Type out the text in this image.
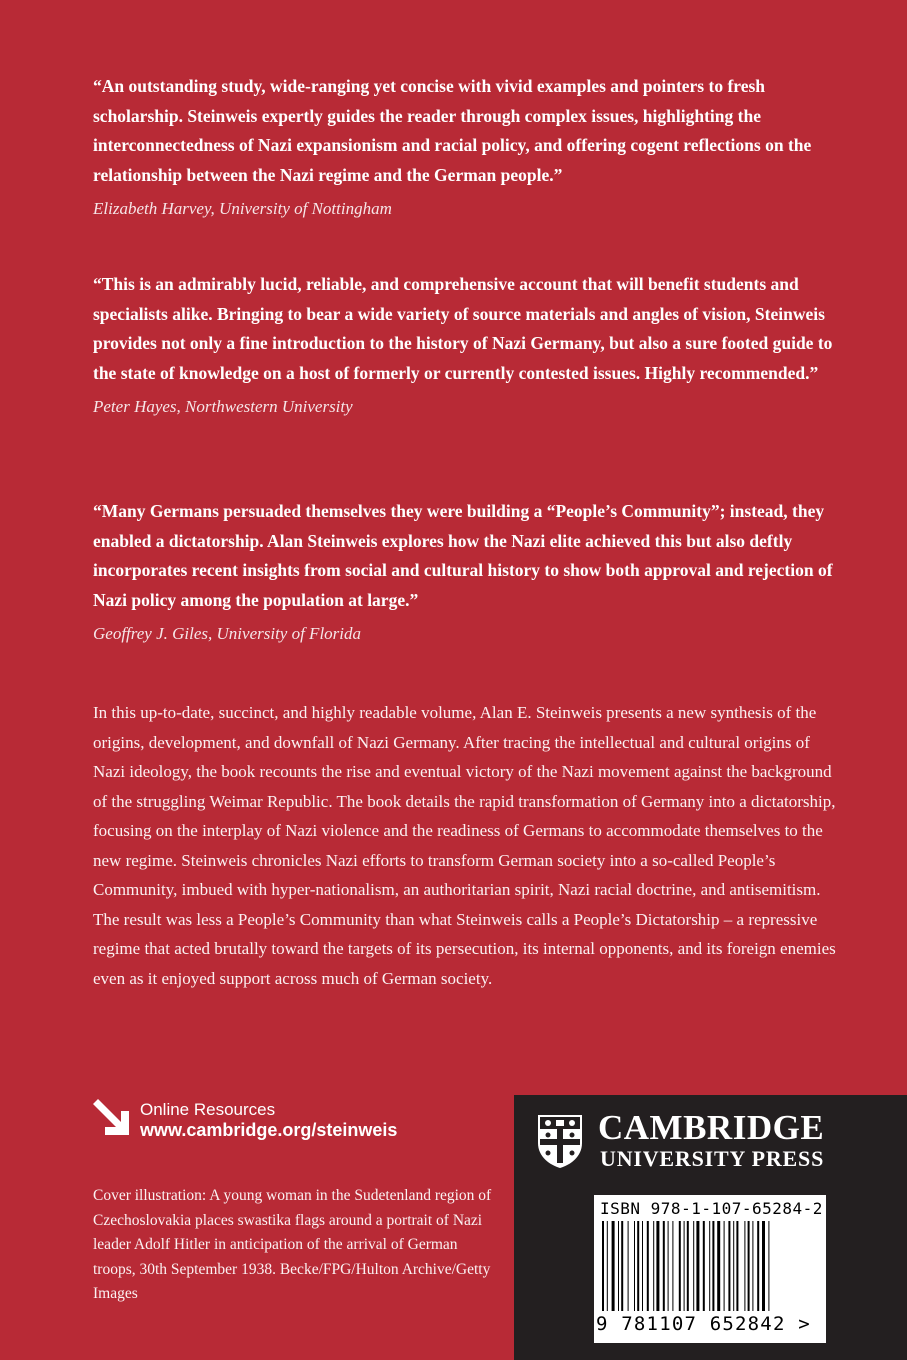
“An outstanding study, wide-ranging yet concise with vivid examples and pointers to fresh scholarship. Steinweis expertly guides the reader through complex issues, highlighting the interconnectedness of Nazi expansionism and racial policy, and offering cogent reflections on the relationship between the Nazi regime and the German people.”

Elizabeth Harvey, University of Nottingham

“This is an admirably lucid, reliable, and comprehensive account that will benefit students and specialists alike. Bringing to bear a wide variety of source materials and angles of vision, Steinweis provides not only a fine introduction to the history of Nazi Germany, but also a sure footed guide to the state of knowledge on a host of formerly or currently contested issues. Highly recommended.”

Peter Hayes, Northwestern University

“Many Germans persuaded themselves they were building a “People’s Community”; instead, they enabled a dictatorship. Alan Steinweis explores how the Nazi elite achieved this but also deftly incorporates recent insights from social and cultural history to show both approval and rejection of Nazi policy among the population at large.”

Geoffrey J. Giles, University of Florida

In this up-to-date, succinct, and highly readable volume, Alan E. Steinweis presents a new synthesis of the origins, development, and downfall of Nazi Germany. After tracing the intellectual and cultural origins of Nazi ideology, the book recounts the rise and eventual victory of the Nazi movement against the background of the struggling Weimar Republic. The book details the rapid transformation of Germany into a dictatorship, focusing on the interplay of Nazi violence and the readiness of Germans to accommodate themselves to the new regime. Steinweis chronicles Nazi efforts to transform German society into a so-called People’s Community, imbued with hyper-nationalism, an authoritarian spirit, Nazi racial doctrine, and antisemitism. The result was less a People’s Community than what Steinweis calls a People’s Dictatorship – a repressive regime that acted brutally toward the targets of its persecution, its internal opponents, and its foreign enemies even as it enjoyed support across much of German society.

Online Resources
www.cambridge.org/steinweis

Cover illustration: A young woman in the Sudetenland region of Czechoslovakia places swastika flags around a portrait of Nazi leader Adolf Hitler in anticipation of the arrival of German troops, 30th September 1938. Becke/FPG/Hulton Archive/Getty Images

CAMBRIDGE
UNIVERSITY PRESS
ISBN 978-1-107-65284-2
9 781107 652842 >
